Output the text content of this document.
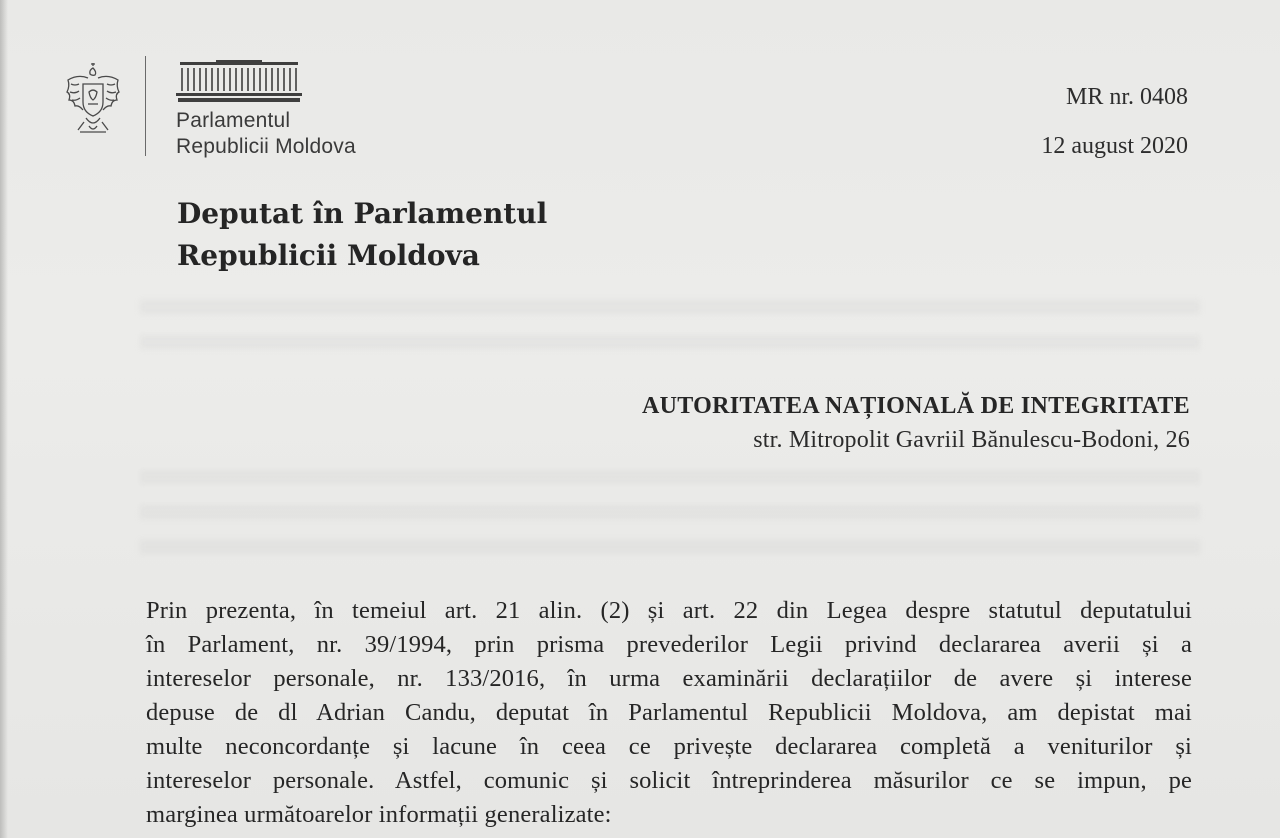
Parlamentul
Republicii Moldova
MR nr. 0408
12 august 2020
Deputat în Parlamentul
Republicii Moldova
AUTORITATEA NAȚIONALĂ DE INTEGRITATE
str. Mitropolit Gavriil Bănulescu-Bodoni, 26
Prin prezenta, în temeiul art. 21 alin. (2) și art. 22 din Legea despre statutul deputatului
în Parlament, nr. 39/1994, prin prisma prevederilor Legii privind declararea averii și a
intereselor personale, nr. 133/2016, în urma examinării declarațiilor de avere și interese
depuse de dl Adrian Candu, deputat în Parlamentul Republicii Moldova, am depistat mai
multe neconcordanțe și lacune în ceea ce privește declararea completă a veniturilor și
intereselor personale. Astfel, comunic și solicit întreprinderea măsurilor ce se impun, pe
marginea următoarelor informații generalizate:
